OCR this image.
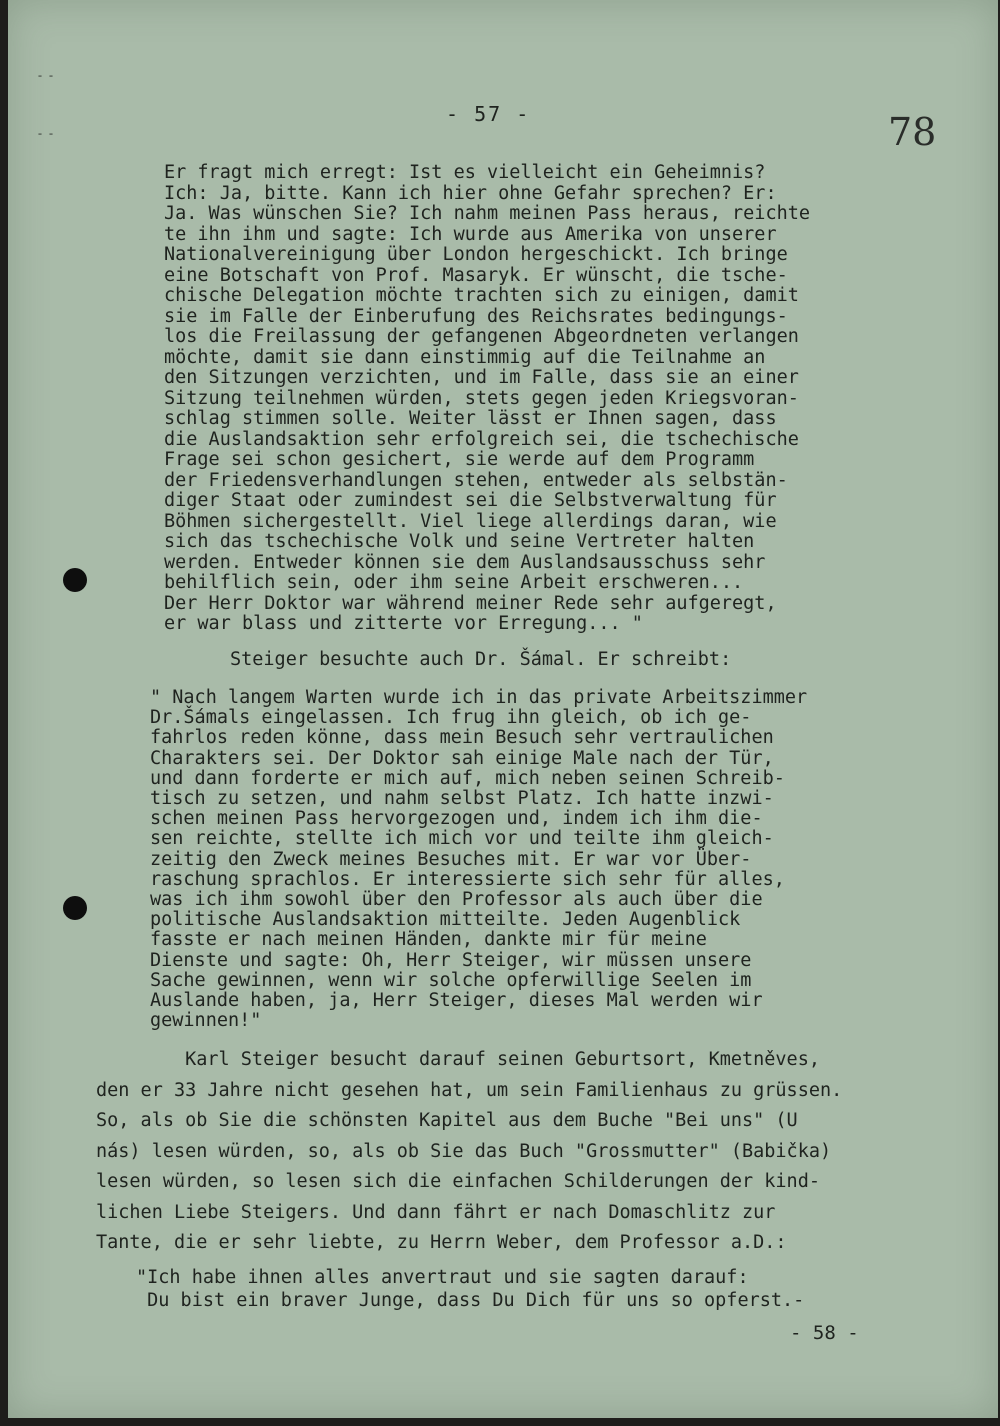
- -
- -
- 57 -	78
Er fragt mich erregt: Ist es vielleicht ein Geheimnis?
Ich: Ja, bitte. Kann ich hier ohne Gefahr sprechen? Er:
Ja. Was wünschen Sie? Ich nahm meinen Pass heraus, reichte
te ihn ihm und sagte: Ich wurde aus Amerika von unserer
Nationalvereinigung über London hergeschickt. Ich bringe
eine Botschaft von Prof. Masaryk. Er wünscht, die tsche-
chische Delegation möchte trachten sich zu einigen, damit
sie im Falle der Einberufung des Reichsrates bedingungs-
los die Freilassung der gefangenen Abgeordneten verlangen
möchte, damit sie dann einstimmig auf die Teilnahme an
den Sitzungen verzichten, und im Falle, dass sie an einer
Sitzung teilnehmen würden, stets gegen jeden Kriegsvoran-
schlag stimmen solle. Weiter lässt er Ihnen sagen, dass
die Auslandsaktion sehr erfolgreich sei, die tschechische
Frage sei schon gesichert, sie werde auf dem Programm
der Friedensverhandlungen stehen, entweder als selbstän-
diger Staat oder zumindest sei die Selbstverwaltung für
Böhmen sichergestellt. Viel liege allerdings daran, wie
sich das tschechische Volk und seine Vertreter halten
werden. Entweder können sie dem Auslandsausschuss sehr
behilflich sein, oder ihm seine Arbeit erschweren...
Der Herr Doktor war während meiner Rede sehr aufgeregt,
er war blass und zitterte vor Erregung... "
Steiger besuchte auch Dr. Šámal. Er schreibt:
" Nach langem Warten wurde ich in das private Arbeitszimmer
Dr.Šámals eingelassen. Ich frug ihn gleich, ob ich ge-
fahrlos reden könne, dass mein Besuch sehr vertraulichen
Charakters sei. Der Doktor sah einige Male nach der Tür,
und dann forderte er mich auf, mich neben seinen Schreib-
tisch zu setzen, und nahm selbst Platz. Ich hatte inzwi-
schen meinen Pass hervorgezogen und, indem ich ihm die-
sen reichte, stellte ich mich vor und teilte ihm gleich-
zeitig den Zweck meines Besuches mit. Er war vor Über-
raschung sprachlos. Er interessierte sich sehr für alles,
was ich ihm sowohl über den Professor als auch über die
politische Auslandsaktion mitteilte. Jeden Augenblick
fasste er nach meinen Händen, dankte mir für meine
Dienste und sagte: Oh, Herr Steiger, wir müssen unsere
Sache gewinnen, wenn wir solche opferwillige Seelen im
Auslande haben, ja, Herr Steiger, dieses Mal werden wir
gewinnen!"
Karl Steiger besucht darauf seinen Geburtsort, Kmetněves,
den er 33 Jahre nicht gesehen hat, um sein Familienhaus zu grüssen.
So, als ob Sie die schönsten Kapitel aus dem Buche "Bei uns" (U
nás) lesen würden, so, als ob Sie das Buch "Grossmutter" (Babička)
lesen würden, so lesen sich die einfachen Schilderungen der kind-
lichen Liebe Steigers. Und dann fährt er nach Domaschlitz zur
Tante, die er sehr liebte, zu Herrn Weber, dem Professor a.D.:
"Ich habe ihnen alles anvertraut und sie sagten darauf:
Du bist ein braver Junge, dass Du Dich für uns so opferst.-
- 58 -
